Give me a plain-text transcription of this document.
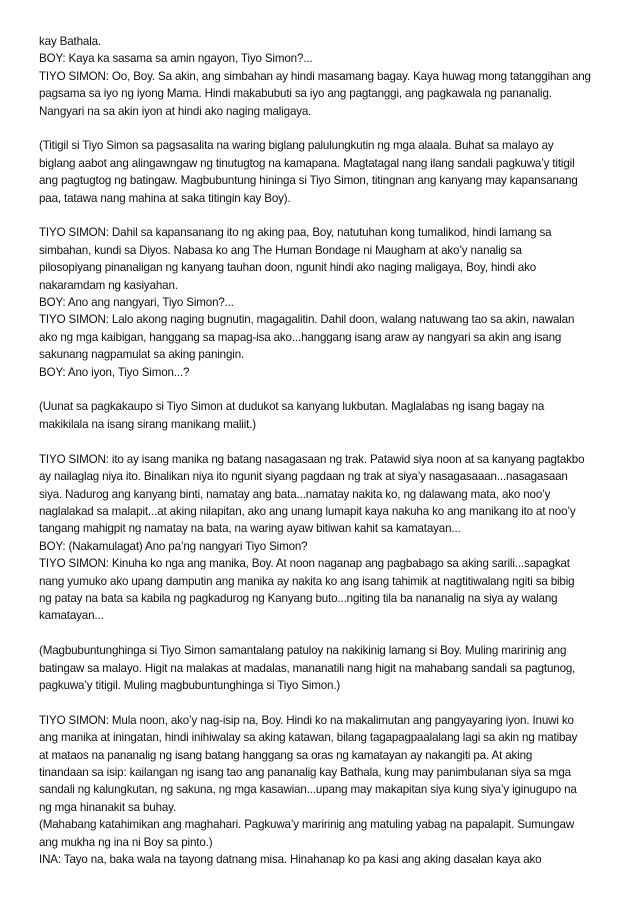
kay Bathala.
BOY: Kaya ka sasama sa amin ngayon, Tiyo Simon?...
TIYO SIMON: Oo, Boy. Sa akin, ang simbahan ay hindi masamang bagay. Kaya huwag mong tatanggihan ang
pagsama sa iyo ng iyong Mama. Hindi makabubuti sa iyo ang pagtanggi, ang pagkawala ng pananalig.
Nangyari na sa akin iyon at hindi ako naging maligaya.
(Titigil si Tiyo Simon sa pagsasalita na waring biglang palulungkutin ng mga alaala. Buhat sa malayo ay
biglang aabot ang alingawngaw ng tinutugtog na kamapana. Magtatagal nang ilang sandali pagkuwa’y titigil
ang pagtugtog ng batingaw. Magbubuntung hininga si Tiyo Simon, titingnan ang kanyang may kapansanang
paa, tatawa nang mahina at saka titingin kay Boy).
TIYO SIMON: Dahil sa kapansanang ito ng aking paa, Boy, natutuhan kong tumalikod, hindi lamang sa
simbahan, kundi sa Diyos. Nabasa ko ang The Human Bondage ni Maugham at ako’y nanalig sa
pilosopiyang pinanaligan ng kanyang tauhan doon, ngunit hindi ako naging maligaya, Boy, hindi ako
nakaramdam ng kasiyahan.
BOY: Ano ang nangyari, Tiyo Simon?...
TIYO SIMON: Lalo akong naging bugnutin, magagalitin. Dahil doon, walang natuwang tao sa akin, nawalan
ako ng mga kaibigan, hanggang sa mapag-isa ako...hanggang isang araw ay nangyari sa akin ang isang
sakunang nagpamulat sa aking paningin.
BOY: Ano iyon, Tiyo Simon...?
(Uunat sa pagkakaupo si Tiyo Simon at dudukot sa kanyang lukbutan. Maglalabas ng isang bagay na
makikilala na isang sirang manikang maliit.)
TIYO SIMON: ito ay isang manika ng batang nasagasaan ng trak. Patawid siya noon at sa kanyang pagtakbo
ay nailaglag niya ito. Binalikan niya ito ngunit siyang pagdaan ng trak at siya’y nasagasaaan...nasagasaan
siya. Nadurog ang kanyang binti, namatay ang bata...namatay nakita ko, ng dalawang mata, ako noo’y
naglalakad sa malapit...at aking nilapitan, ako ang unang lumapit kaya nakuha ko ang manikang ito at noo’y
tangang mahigpit ng namatay na bata, na waring ayaw bitiwan kahit sa kamatayan...
BOY: (Nakamulagat) Ano pa’ng nangyari Tiyo Simon?
TIYO SIMON: Kinuha ko nga ang manika, Boy. At noon naganap ang pagbabago sa aking sarili...sapagkat
nang yumuko ako upang damputin ang manika ay nakita ko ang isang tahimik at nagtitiwalang ngiti sa bibig
ng patay na bata sa kabila ng pagkadurog ng Kanyang buto...ngiting tila ba nananalig na siya ay walang
kamatayan...
(Magbubuntunghinga si Tiyo Simon samantalang patuloy na nakikinig lamang si Boy. Muling maririnig ang
batingaw sa malayo. Higit na malakas at madalas, mananatili nang higit na mahabang sandali sa pagtunog,
pagkuwa’y titigil. Muling magbubuntunghinga si Tiyo Simon.)
TIYO SIMON: Mula noon, ako’y nag-isip na, Boy. Hindi ko na makalimutan ang pangyayaring iyon. Inuwi ko
ang manika at iningatan, hindi inihiwalay sa aking katawan, bilang tagapagpaalalang lagi sa akin ng matibay
at mataos na pananalig ng isang batang hanggang sa oras ng kamatayan ay nakangiti pa. At aking
tinandaan sa isip: kailangan ng isang tao ang pananalig kay Bathala, kung may panimbulanan siya sa mga
sandali ng kalungkutan, ng sakuna, ng mga kasawian...upang may makapitan siya kung siya’y iginugupo na
ng mga hinanakit sa buhay.
(Mahabang katahimikan ang maghahari. Pagkuwa’y maririnig ang matuling yabag na papalapit. Sumungaw
ang mukha ng ina ni Boy sa pinto.)
INA: Tayo na, baka wala na tayong datnang misa. Hinahanap ko pa kasi ang aking dasalan kaya ako
